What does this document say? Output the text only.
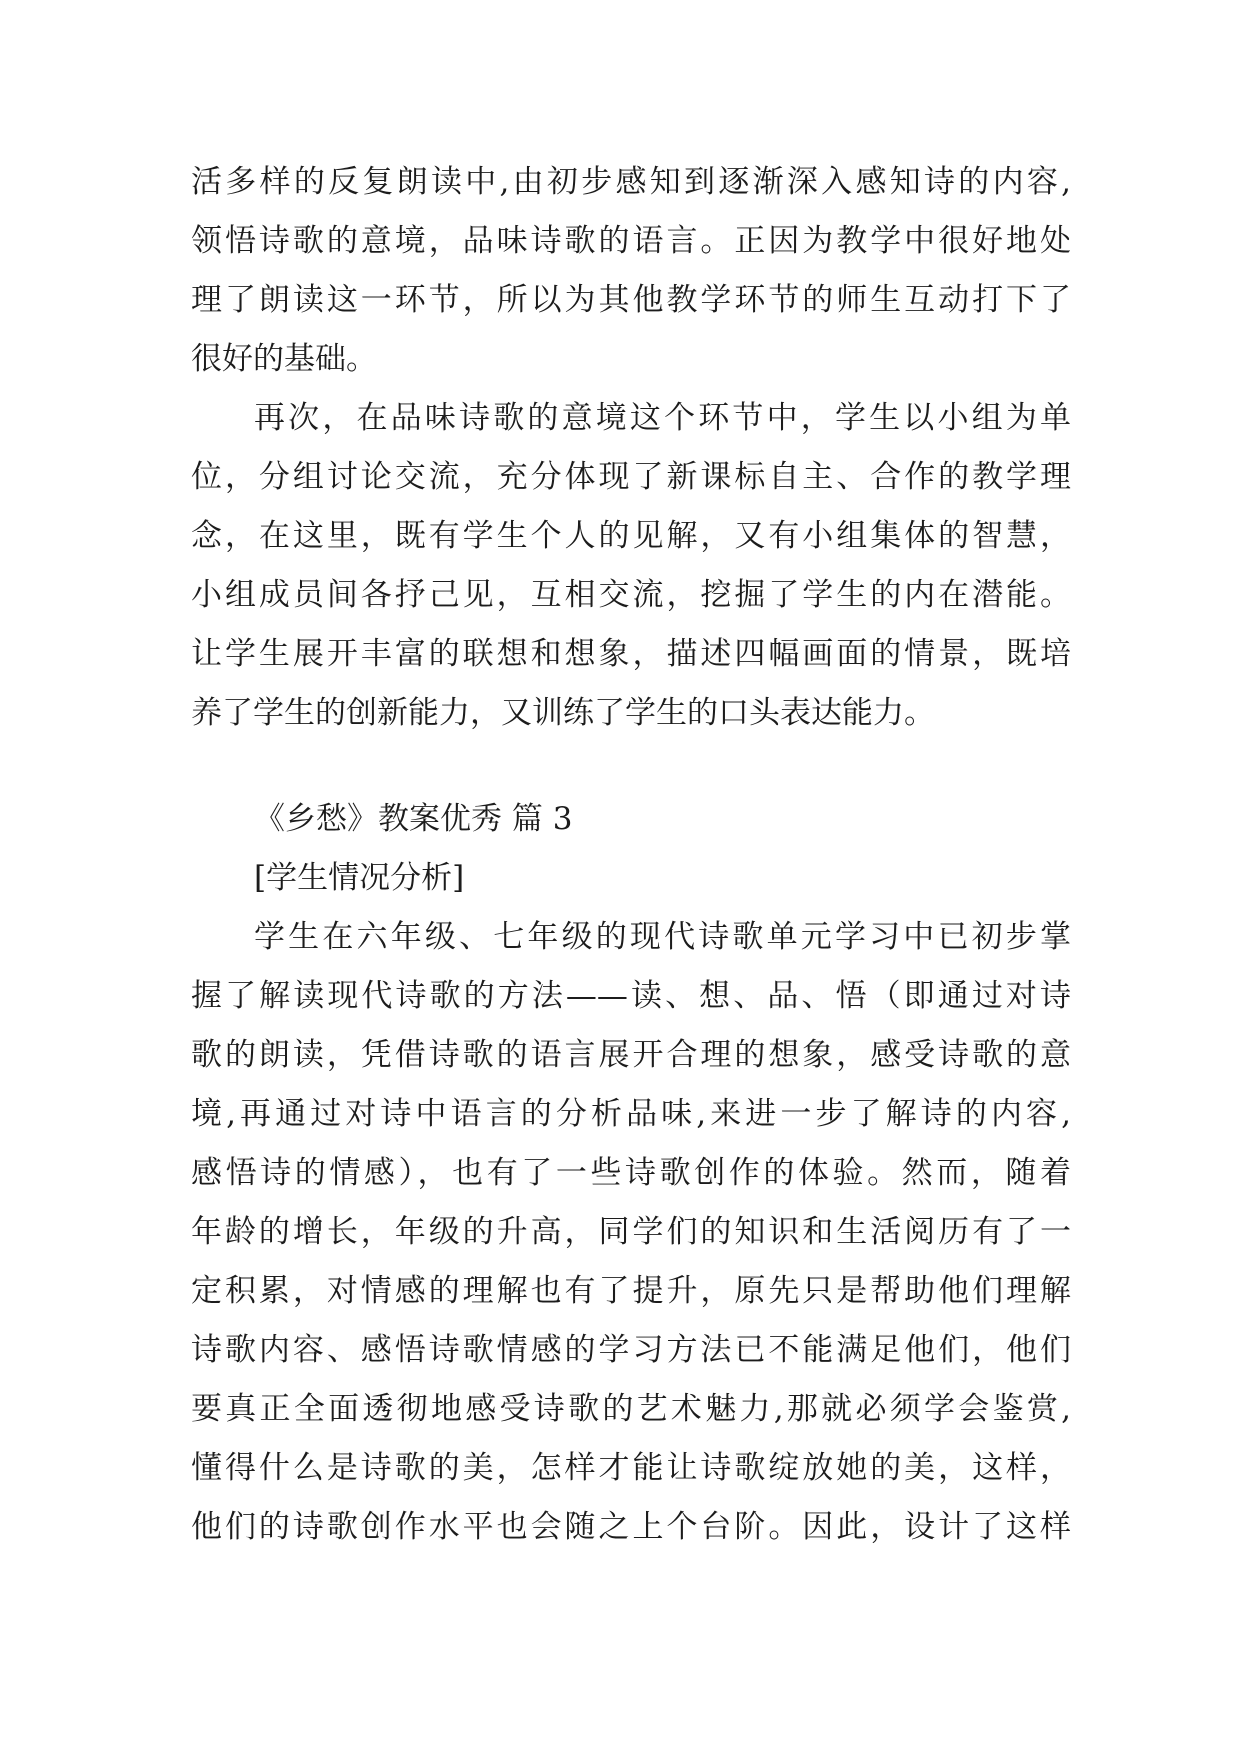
活多样的反复朗读中,由初步感知到逐渐深入感知诗的内容,
领悟诗歌的意境，品味诗歌的语言。正因为教学中很好地处
理了朗读这一环节，所以为其他教学环节的师生互动打下了
很好的基础。
再次，在品味诗歌的意境这个环节中，学生以小组为单
位，分组讨论交流，充分体现了新课标自主、合作的教学理
念，在这里，既有学生个人的见解，又有小组集体的智慧，
小组成员间各抒己见，互相交流，挖掘了学生的内在潜能。
让学生展开丰富的联想和想象，描述四幅画面的情景，既培
养了学生的创新能力，又训练了学生的口头表达能力。
《乡愁》教案优秀 篇 3
[学生情况分析]
学生在六年级、七年级的现代诗歌单元学习中已初步掌
握了解读现代诗歌的方法——读、想、品、悟（即通过对诗
歌的朗读，凭借诗歌的语言展开合理的想象，感受诗歌的意
境,再通过对诗中语言的分析品味,来进一步了解诗的内容,
感悟诗的情感），也有了一些诗歌创作的体验。然而，随着
年龄的增长，年级的升高，同学们的知识和生活阅历有了一
定积累，对情感的理解也有了提升，原先只是帮助他们理解
诗歌内容、感悟诗歌情感的学习方法已不能满足他们，他们
要真正全面透彻地感受诗歌的艺术魅力,那就必须学会鉴赏,
懂得什么是诗歌的美，怎样才能让诗歌绽放她的美，这样，
他们的诗歌创作水平也会随之上个台阶。因此，设计了这样
